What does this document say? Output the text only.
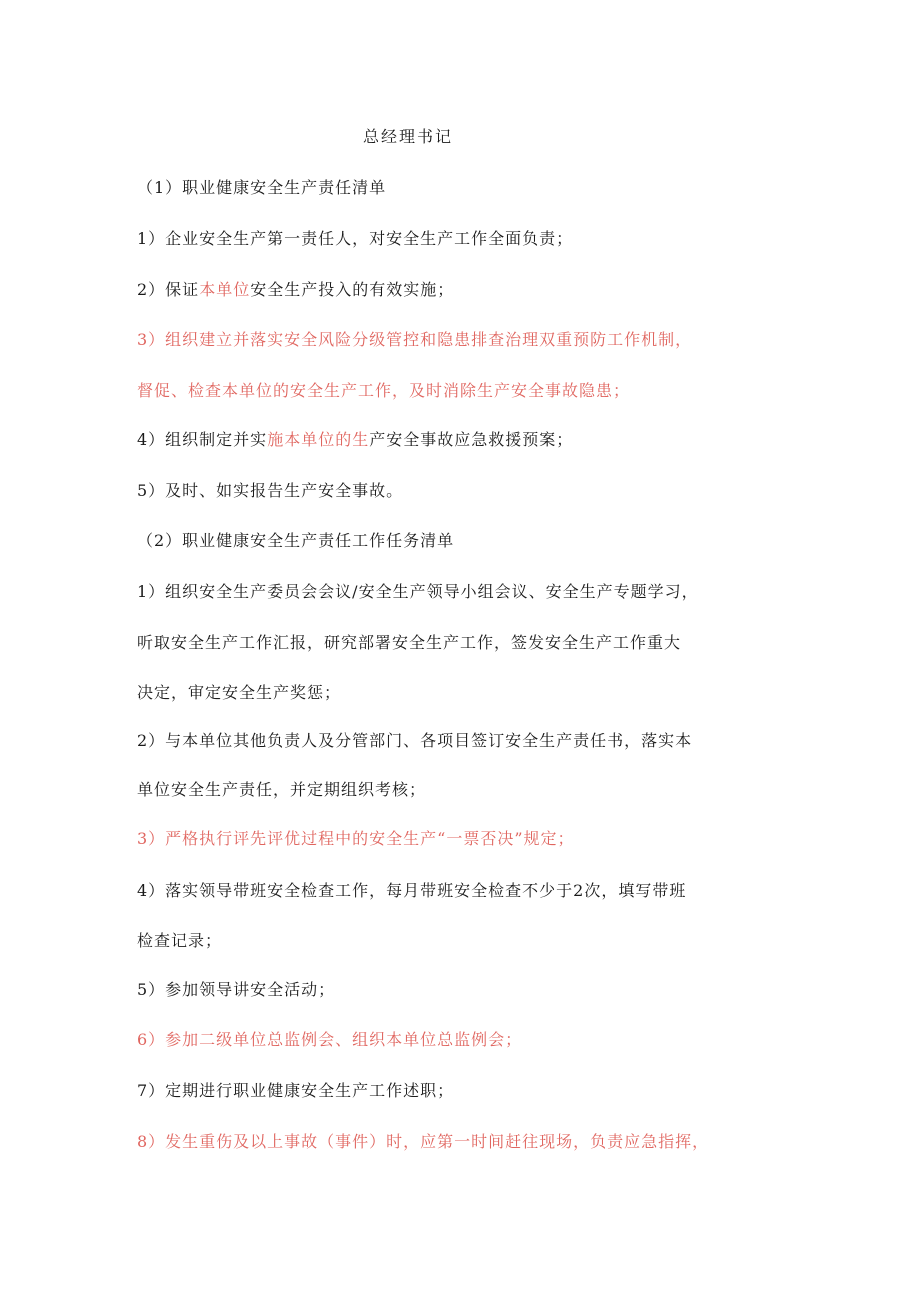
总经理书记
（1）职业健康安全生产责任清单
1）企业安全生产第一责任人，对安全生产工作全面负责；
2）保证本单位安全生产投入的有效实施；
3）组织建立并落实安全风险分级管控和隐患排查治理双重预防工作机制，
督促、检查本单位的安全生产工作，及时消除生产安全事故隐患；
4）组织制定并实施本单位的生产安全事故应急救援预案；
5）及时、如实报告生产安全事故。
（2）职业健康安全生产责任工作任务清单
1）组织安全生产委员会会议/安全生产领导小组会议、安全生产专题学习，
听取安全生产工作汇报，研究部署安全生产工作，签发安全生产工作重大
决定，审定安全生产奖惩；
2）与本单位其他负责人及分管部门、各项目签订安全生产责任书，落实本
单位安全生产责任，并定期组织考核；
3）严格执行评先评优过程中的安全生产“一票否决”规定；
4）落实领导带班安全检查工作，每月带班安全检查不少于2次，填写带班
检查记录；
5）参加领导讲安全活动；
6）参加二级单位总监例会、组织本单位总监例会；
7）定期进行职业健康安全生产工作述职；
8）发生重伤及以上事故（事件）时，应第一时间赶往现场，负责应急指挥，
